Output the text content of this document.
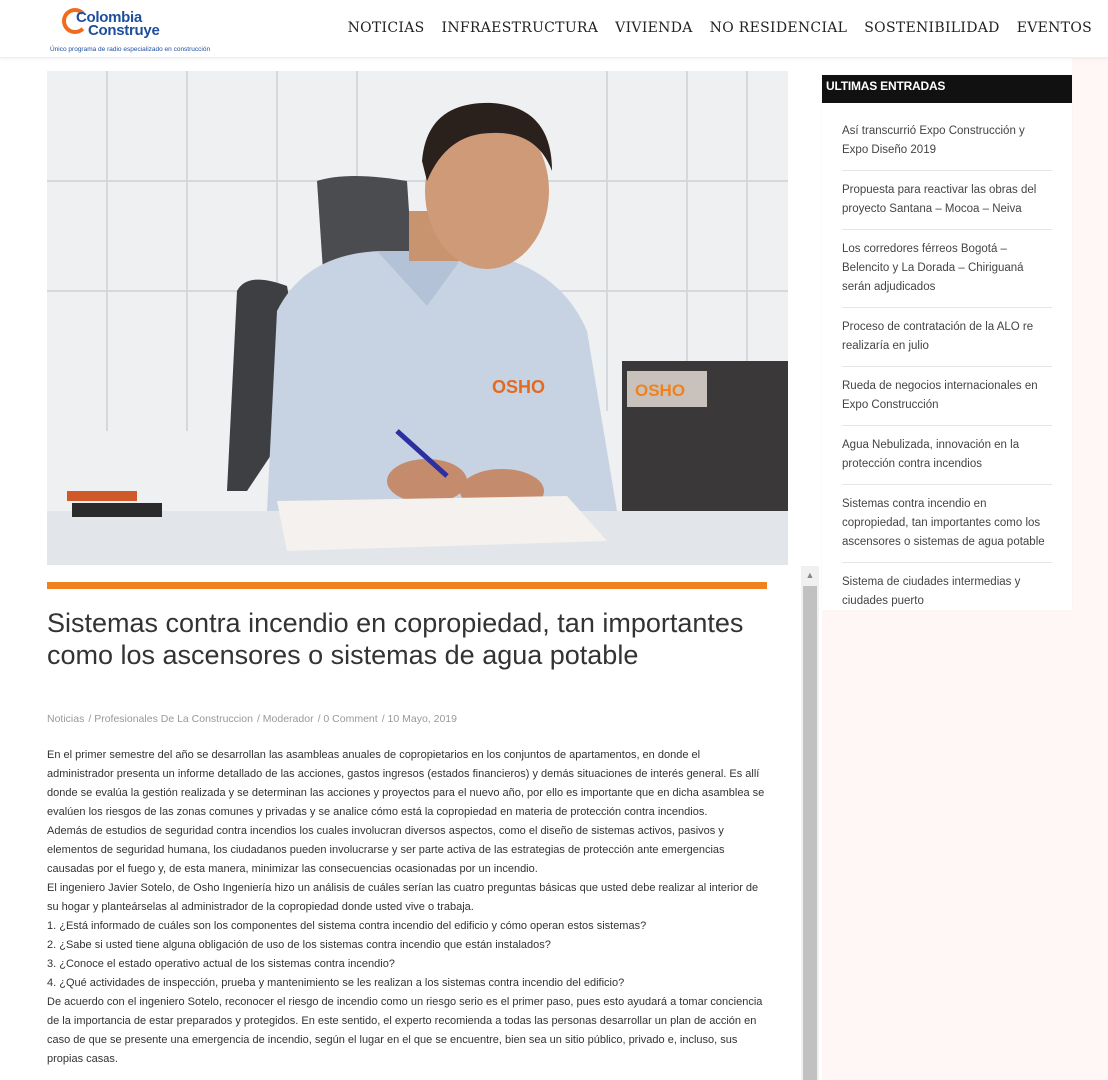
Colombia
Construye
Único programa de radio especializado en construcción
NOTICIAS INFRAESTRUCTURA VIVIENDA NO RESIDENCIAL SOSTENIBILIDAD EVENTOS
OSHO
OSHO
Sistemas contra incendio en copropiedad, tan importantes como los ascensores o sistemas de agua potable
Noticias / Profesionales De La Construccion / Moderador / 0 Comment / 10 Mayo, 2019

En el primer semestre del año se desarrollan las asambleas anuales de copropietarios en los conjuntos de apartamentos, en donde el administrador presenta un informe detallado de las acciones, gastos ingresos (estados financieros) y demás situaciones de interés general. Es allí donde se evalúa la gestión realizada y se determinan las acciones y proyectos para el nuevo año, por ello es importante que en dicha asamblea se evalúen los riesgos de las zonas comunes y privadas y se analice cómo está la copropiedad en materia de protección contra incendios.

Además de estudios de seguridad contra incendios los cuales involucran diversos aspectos, como el diseño de sistemas activos, pasivos y elementos de seguridad humana, los ciudadanos pueden involucrarse y ser parte activa de las estrategias de protección ante emergencias causadas por el fuego y, de esta manera, minimizar las consecuencias ocasionadas por un incendio.

El ingeniero Javier Sotelo, de Osho Ingeniería hizo un análisis de cuáles serían las cuatro preguntas básicas que usted debe realizar al interior de su hogar y planteárselas al administrador de la copropiedad donde usted vive o trabaja.

1. ¿Está informado de cuáles son los componentes del sistema contra incendio del edificio y cómo operan estos sistemas?

2. ¿Sabe si usted tiene alguna obligación de uso de los sistemas contra incendio que están instalados?

3. ¿Conoce el estado operativo actual de los sistemas contra incendio?

4. ¿Qué actividades de inspección, prueba y mantenimiento se les realizan a los sistemas contra incendio del edificio?

De acuerdo con el ingeniero Sotelo, reconocer el riesgo de incendio como un riesgo serio es el primer paso, pues esto ayudará a tomar conciencia de la importancia de estar preparados y protegidos. En este sentido, el experto recomienda a todas las personas desarrollar un plan de acción en caso de que se presente una emergencia de incendio, según el lugar en el que se encuentre, bien sea un sitio público, privado e, incluso, sus propias casas.

▲
ULTIMAS ENTRADAS
Así transcurrió Expo Construcción y Expo Diseño 2019
Propuesta para reactivar las obras del proyecto Santana – Mocoa – Neiva
Los corredores férreos Bogotá – Belencito y La Dorada – Chiriguaná serán adjudicados
Proceso de contratación de la ALO re realizaría en julio
Rueda de negocios internacionales en Expo Construcción
Agua Nebulizada, innovación en la protección contra incendios
Sistemas contra incendio en copropiedad, tan importantes como los ascensores o sistemas de agua potable
Sistema de ciudades intermedias y ciudades puerto
